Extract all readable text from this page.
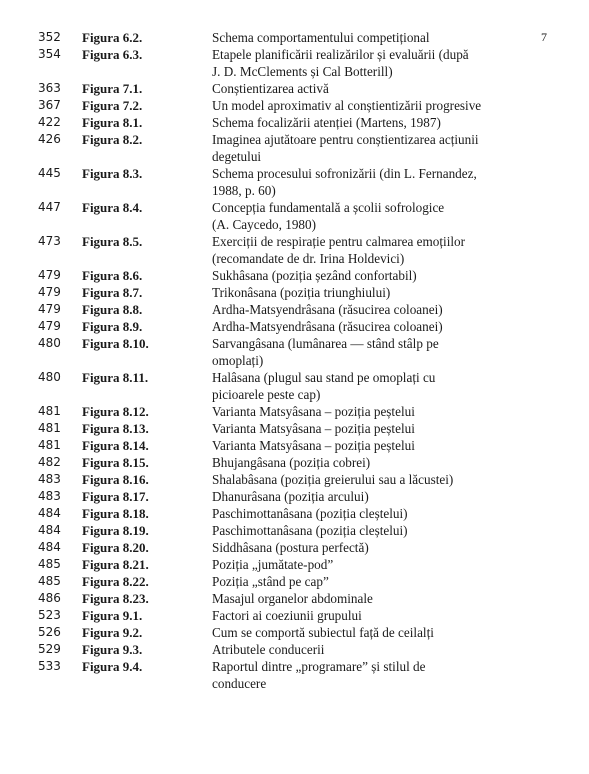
7
352	Figura 6.2.	Schema comportamentului competițional
354	Figura 6.3.	Etapele planificării realizărilor și evaluării (după
J. D. McClements și Cal Botterill)
363	Figura 7.1.	Conștientizarea activă
367	Figura 7.2.	Un model aproximativ al conștientizării progresive
422	Figura 8.1.	Schema focalizării atenției (Martens, 1987)
426	Figura 8.2.	Imaginea ajutătoare pentru conștientizarea acțiunii
degetului
445	Figura 8.3.	Schema procesului sofronizării (din L. Fernandez,
1988, p. 60)
447	Figura 8.4.	Concepția fundamentală a școlii sofrologice
(A. Caycedo, 1980)
473	Figura 8.5.	Exerciții de respirație pentru calmarea emoțiilor
(recomandate de dr. Irina Holdevici)
479	Figura 8.6.	Sukhâsana (poziția șezând confortabil)
479	Figura 8.7.	Trikonâsana (poziția triunghiului)
479	Figura 8.8.	Ardha-Matsyendrâsana (răsucirea coloanei)
479	Figura 8.9.	Ardha-Matsyendrâsana (răsucirea coloanei)
480	Figura 8.10.	Sarvangâsana (lumânarea — stând stâlp pe
omoplați)
480	Figura 8.11.	Halâsana (plugul sau stand pe omoplați cu
picioarele peste cap)
481	Figura 8.12.	Varianta Matsyâsana – poziția peștelui
481	Figura 8.13.	Varianta Matsyâsana – poziția peștelui
481	Figura 8.14.	Varianta Matsyâsana – poziția peștelui
482	Figura 8.15.	Bhujangâsana (poziția cobrei)
483	Figura 8.16.	Shalabâsana (poziția greierului sau a lăcustei)
483	Figura 8.17.	Dhanurâsana (poziția arcului)
484	Figura 8.18.	Paschimottanâsana (poziția cleștelui)
484	Figura 8.19.	Paschimottanâsana (poziția cleștelui)
484	Figura 8.20.	Siddhâsana (postura perfectă)
485	Figura 8.21.	Poziția „jumătate-pod”
485	Figura 8.22.	Poziția „stând pe cap”
486	Figura 8.23.	Masajul organelor abdominale
523	Figura 9.1.	Factori ai coeziunii grupului
526	Figura 9.2.	Cum se comportă subiectul față de ceilalți
529	Figura 9.3.	Atributele conducerii
533	Figura 9.4.	Raportul dintre „programare” și stilul de
conducere
